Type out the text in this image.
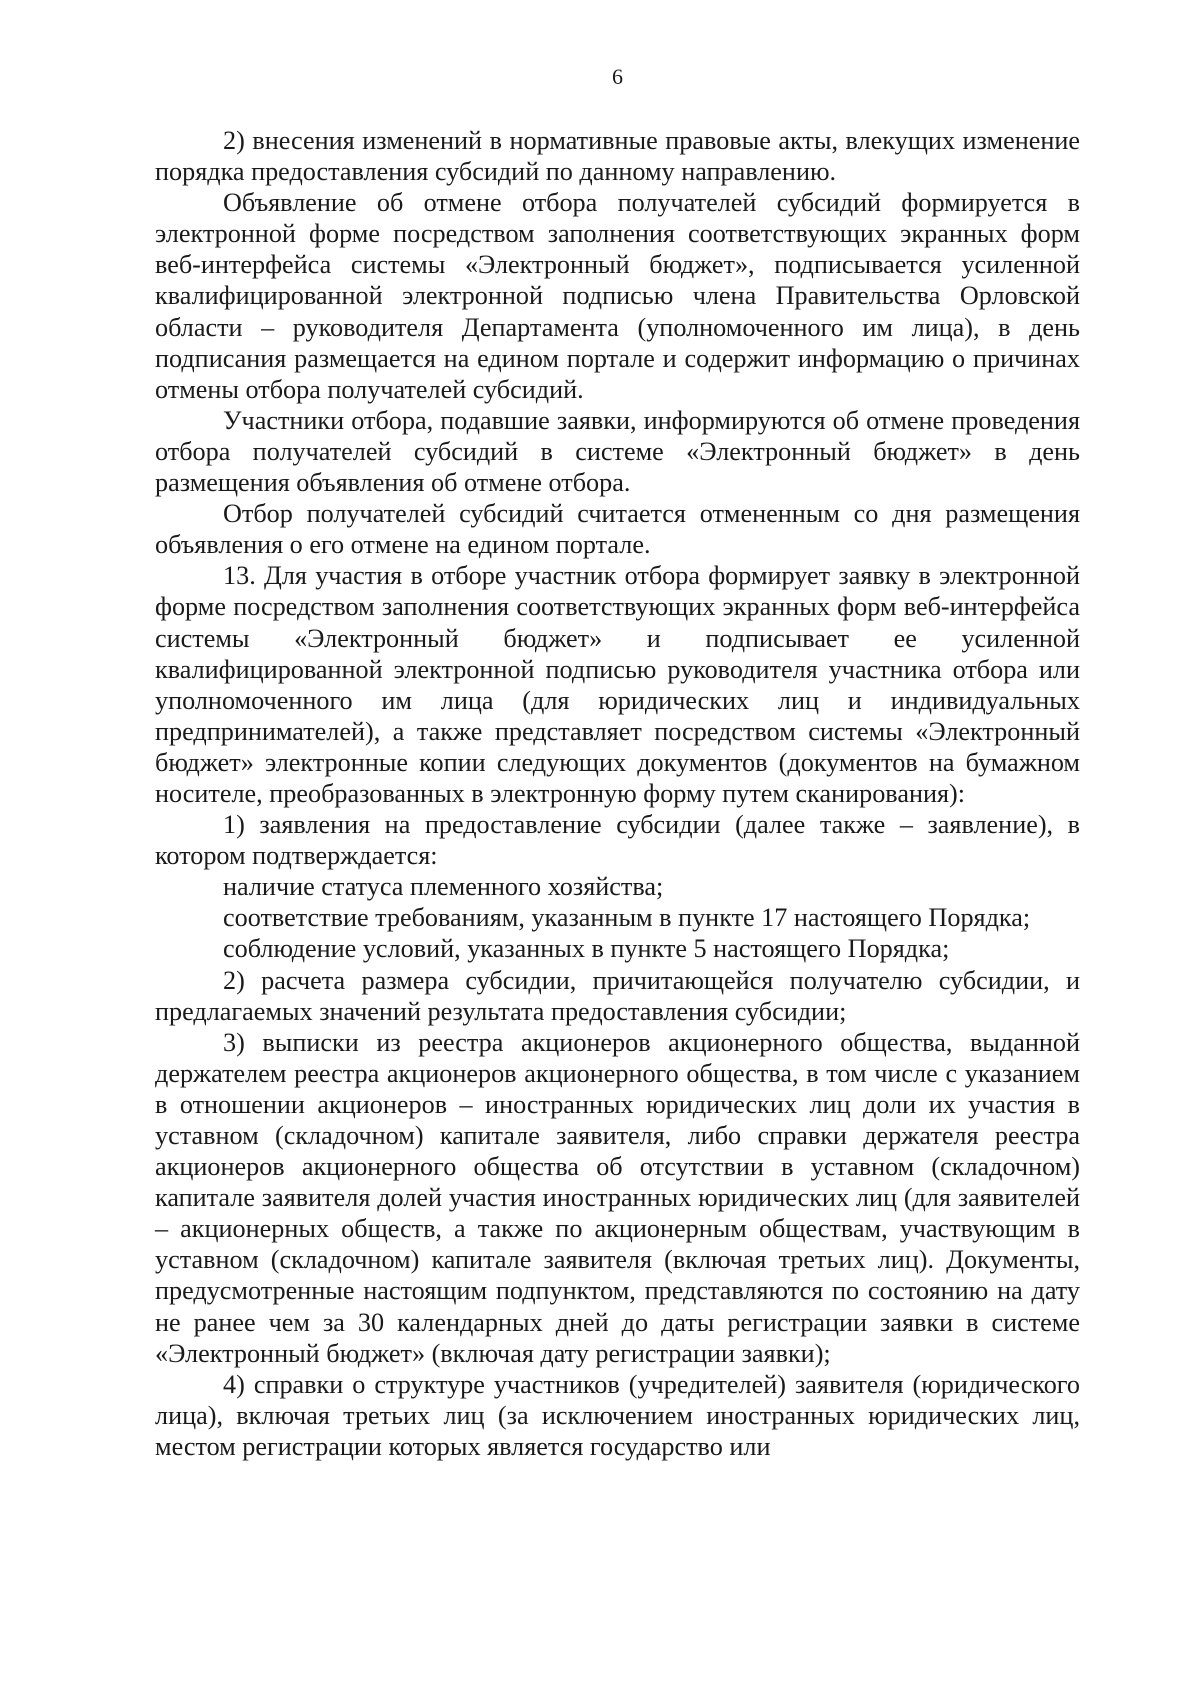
6

2) внесения изменений в нормативные правовые акты, влекущих изменение порядка предоставления субсидий по данному направлению.

Объявление об отмене отбора получателей субсидий формируется в электронной форме посредством заполнения соответствующих экранных форм веб-интерфейса системы «Электронный бюджет», подписывается усиленной квалифицированной электронной подписью члена Правительства Орловской области – руководителя Департамента (уполномоченного им лица), в день подписания размещается на едином портале и содержит информацию о причинах отмены отбора получателей субсидий.

Участники отбора, подавшие заявки, информируются об отмене проведения отбора получателей субсидий в системе «Электронный бюджет» в день размещения объявления об отмене отбора.

Отбор получателей субсидий считается отмененным со дня размещения объявления о его отмене на едином портале.

13. Для участия в отборе участник отбора формирует заявку в электронной форме посредством заполнения соответствующих экранных форм веб-интерфейса системы «Электронный бюджет» и подписывает ее усиленной квалифицированной электронной подписью руководителя участника отбора или уполномоченного им лица (для юридических лиц и индивидуальных предпринимателей), а также представляет посредством системы «Электронный бюджет» электронные копии следующих документов (документов на бумажном носителе, преобразованных в электронную форму путем сканирования):

1) заявления на предоставление субсидии (далее также – заявление), в котором подтверждается:

наличие статуса племенного хозяйства;

соответствие требованиям, указанным в пункте 17 настоящего Порядка;

соблюдение условий, указанных в пункте 5 настоящего Порядка;

2) расчета размера субсидии, причитающейся получателю субсидии, и предлагаемых значений результата предоставления субсидии;

3) выписки из реестра акционеров акционерного общества, выданной держателем реестра акционеров акционерного общества, в том числе с указанием в отношении акционеров – иностранных юридических лиц доли их участия в уставном (складочном) капитале заявителя, либо справки держателя реестра акционеров акционерного общества об отсутствии в уставном (складочном) капитале заявителя долей участия иностранных юридических лиц (для заявителей – акционерных обществ, а также по акционерным обществам, участвующим в уставном (складочном) капитале заявителя (включая третьих лиц). Документы, предусмотренные настоящим подпунктом, представляются по состоянию на дату не ранее чем за 30 календарных дней до даты регистрации заявки в системе «Электронный бюджет» (включая дату регистрации заявки);

4) справки о структуре участников (учредителей) заявителя (юридического лица), включая третьих лиц (за исключением иностранных юридических лиц, местом регистрации которых является государство или
